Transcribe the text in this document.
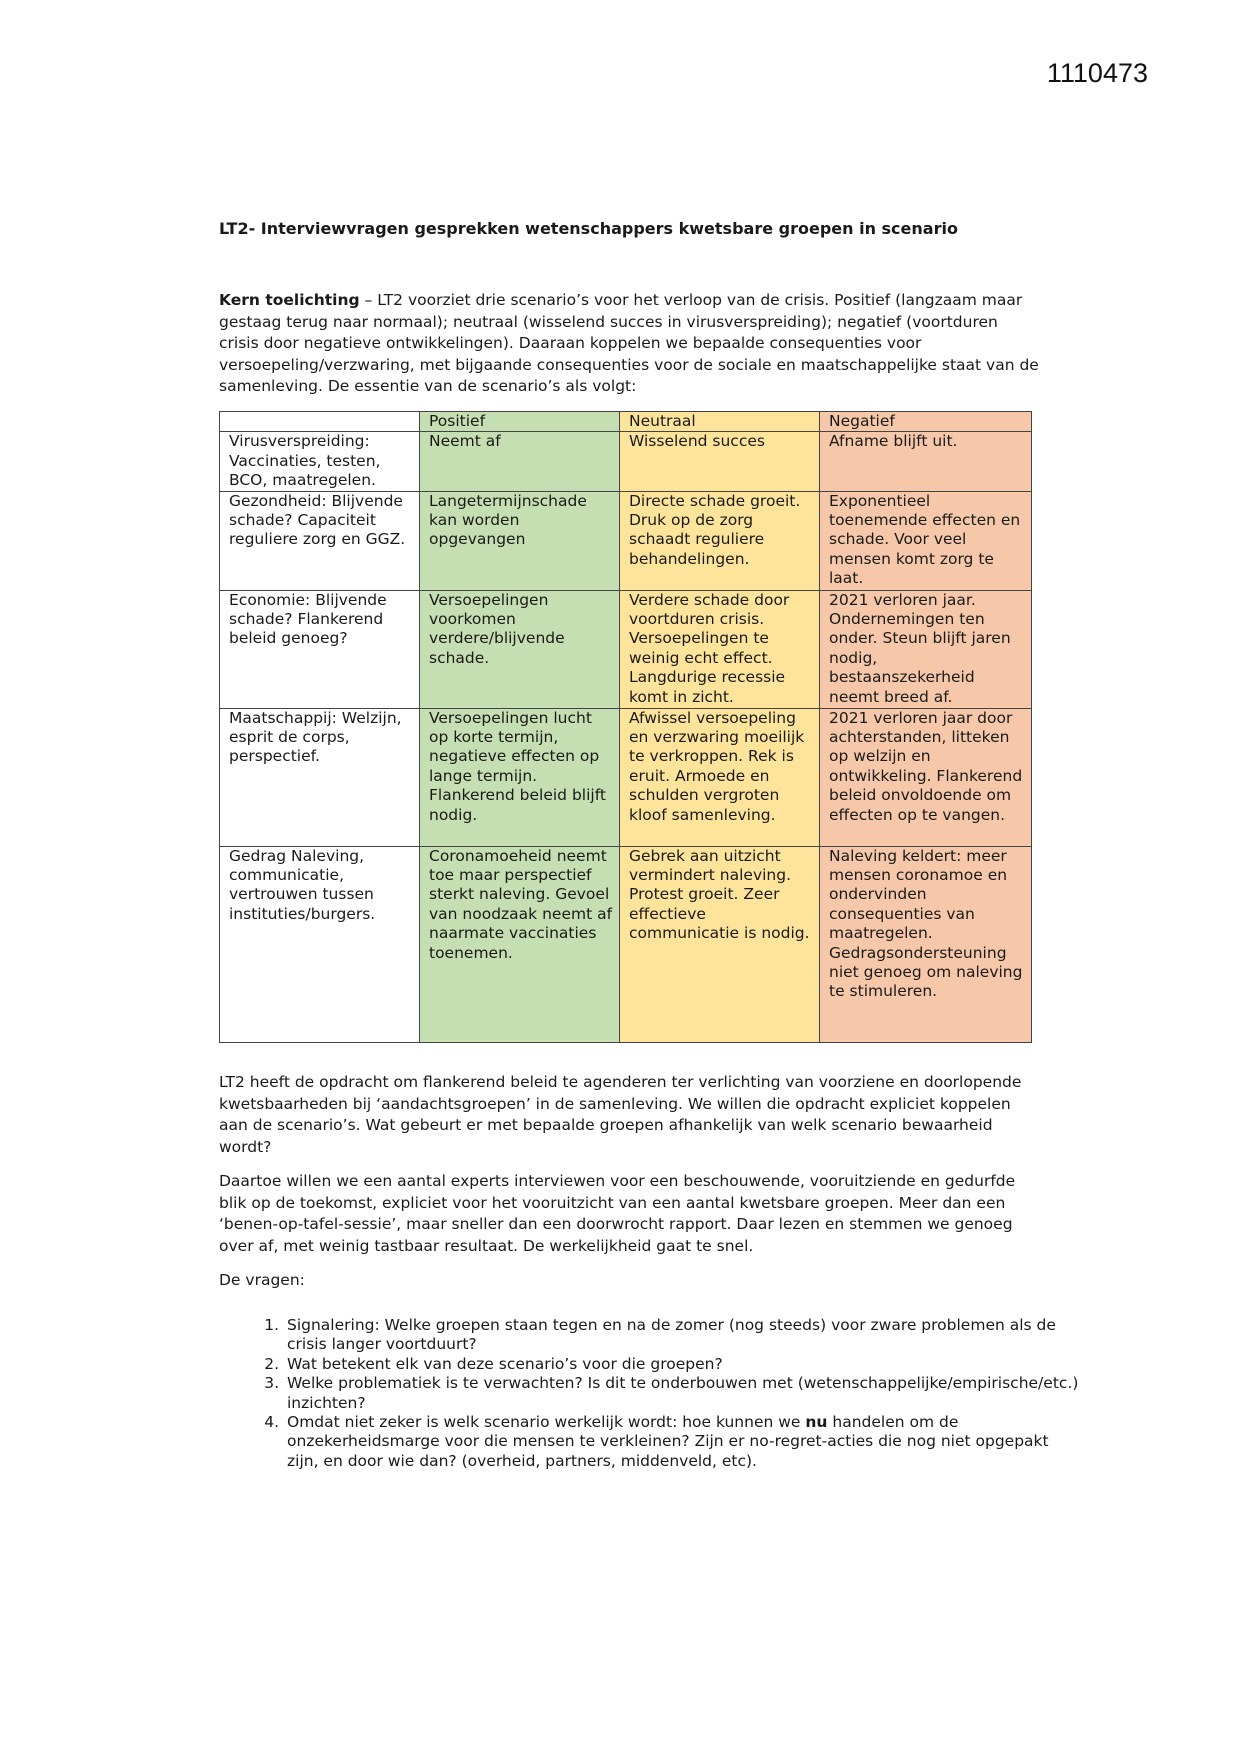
1110473
LT2- Interviewvragen gesprekken wetenschappers kwetsbare groepen in scenario
Kern toelichting – LT2 voorziet drie scenario’s voor het verloop van de crisis. Positief (langzaam maar gestaag terug naar normaal); neutraal (wisselend succes in virusverspreiding); negatief (voortduren crisis door negatieve ontwikkelingen). Daaraan koppelen we bepaalde consequenties voor versoepeling/verzwaring, met bijgaande consequenties voor de sociale en maatschappelijke staat van de samenleving. De essentie van de scenario’s als volgt:
	Positief	Neutraal	Negatief
Virusverspreiding: Vaccinaties, testen, BCO, maatregelen.	Neemt af	Wisselend succes	Afname blijft uit.
Gezondheid: Blijvende schade? Capaciteit reguliere zorg en GGZ.	Langetermijnschade kan worden opgevangen	Directe schade groeit. Druk op de zorg schaadt reguliere behandelingen.	Exponentieel toenemende effecten en schade. Voor veel mensen komt zorg te laat.
Economie: Blijvende schade? Flankerend beleid genoeg?	Versoepelingen voorkomen verdere/blijvende schade.	Verdere schade door voortduren crisis. Versoepelingen te weinig echt effect. Langdurige recessie komt in zicht.	2021 verloren jaar. Ondernemingen ten onder. Steun blijft jaren nodig, bestaanszekerheid neemt breed af.
Maatschappij: Welzijn, esprit de corps, perspectief.	Versoepelingen lucht op korte termijn, negatieve effecten op lange termijn. Flankerend beleid blijft nodig.	Afwissel versoepeling en verzwaring moeilijk te verkroppen. Rek is eruit. Armoede en schulden vergroten kloof samenleving.	2021 verloren jaar door achterstanden, litteken op welzijn en ontwikkeling. Flankerend beleid onvoldoende om effecten op te vangen.
Gedrag Naleving, communicatie, vertrouwen tussen instituties/burgers.	Coronamoeheid neemt toe maar perspectief sterkt naleving. Gevoel van noodzaak neemt af naarmate vaccinaties toenemen.	Gebrek aan uitzicht vermindert naleving. Protest groeit. Zeer effectieve communicatie is nodig.	Naleving keldert: meer mensen coronamoe en ondervinden consequenties van maatregelen. Gedragsondersteuning niet genoeg om naleving te stimuleren.
LT2 heeft de opdracht om flankerend beleid te agenderen ter verlichting van voorziene en doorlopende kwetsbaarheden bij ‘aandachtsgroepen’ in de samenleving. We willen die opdracht expliciet koppelen aan de scenario’s. Wat gebeurt er met bepaalde groepen afhankelijk van welk scenario bewaarheid wordt?
Daartoe willen we een aantal experts interviewen voor een beschouwende, vooruitziende en gedurfde blik op de toekomst, expliciet voor het vooruitzicht van een aantal kwetsbare groepen. Meer dan een ‘benen-op-tafel-sessie’, maar sneller dan een doorwrocht rapport. Daar lezen en stemmen we genoeg over af, met weinig tastbaar resultaat. De werkelijkheid gaat te snel.
De vragen:
1. Signalering: Welke groepen staan tegen en na de zomer (nog steeds) voor zware problemen als de crisis langer voortduurt?
2. Wat betekent elk van deze scenario’s voor die groepen?
3. Welke problematiek is te verwachten? Is dit te onderbouwen met (wetenschappelijke/empirische/etc.) inzichten?
4. Omdat niet zeker is welk scenario werkelijk wordt: hoe kunnen we nu handelen om de onzekerheidsmarge voor die mensen te verkleinen? Zijn er no-regret-acties die nog niet opgepakt zijn, en door wie dan? (overheid, partners, middenveld, etc).
